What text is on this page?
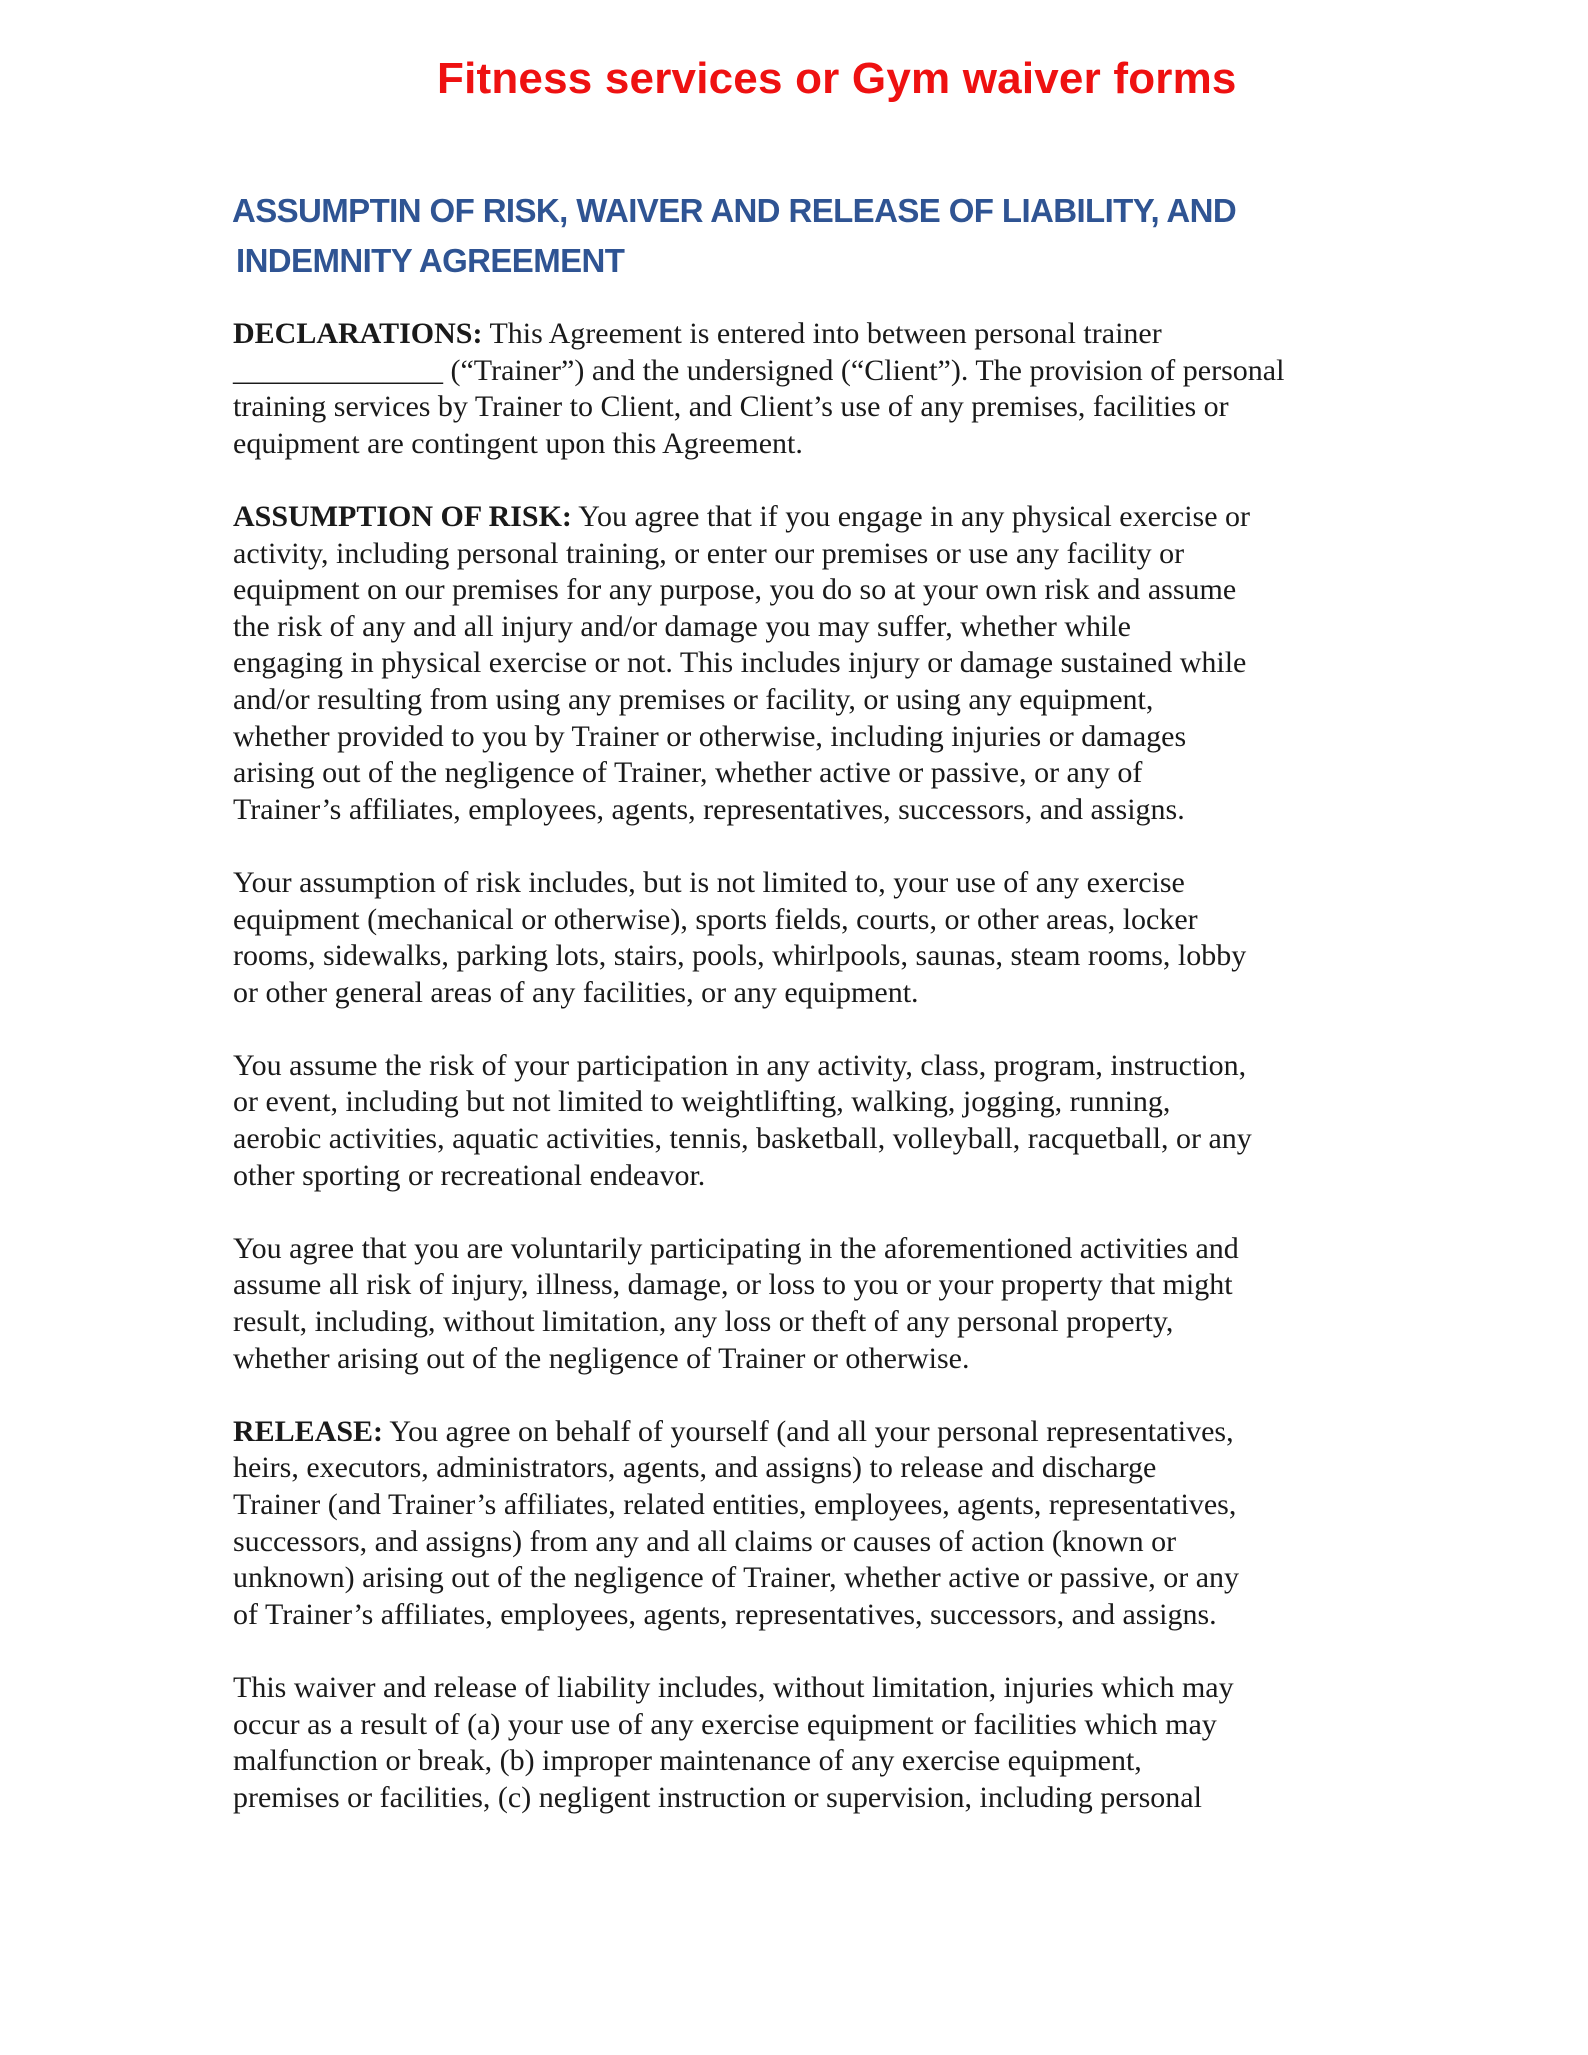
Fitness services or Gym waiver forms
ASSUMPTIN OF RISK, WAIVER AND RELEASE OF LIABILITY, AND
INDEMNITY AGREEMENT
DECLARATIONS: This Agreement is entered into between personal trainer
______________ (“Trainer”) and the undersigned (“Client”). The provision of personal
training services by Trainer to Client, and Client’s use of any premises, facilities or
equipment are contingent upon this Agreement.
ASSUMPTION OF RISK: You agree that if you engage in any physical exercise or
activity, including personal training, or enter our premises or use any facility or
equipment on our premises for any purpose, you do so at your own risk and assume
the risk of any and all injury and/or damage you may suffer, whether while
engaging in physical exercise or not. This includes injury or damage sustained while
and/or resulting from using any premises or facility, or using any equipment,
whether provided to you by Trainer or otherwise, including injuries or damages
arising out of the negligence of Trainer, whether active or passive, or any of
Trainer’s affiliates, employees, agents, representatives, successors, and assigns.
Your assumption of risk includes, but is not limited to, your use of any exercise
equipment (mechanical or otherwise), sports fields, courts, or other areas, locker
rooms, sidewalks, parking lots, stairs, pools, whirlpools, saunas, steam rooms, lobby
or other general areas of any facilities, or any equipment.
You assume the risk of your participation in any activity, class, program, instruction,
or event, including but not limited to weightlifting, walking, jogging, running,
aerobic activities, aquatic activities, tennis, basketball, volleyball, racquetball, or any
other sporting or recreational endeavor.
You agree that you are voluntarily participating in the aforementioned activities and
assume all risk of injury, illness, damage, or loss to you or your property that might
result, including, without limitation, any loss or theft of any personal property,
whether arising out of the negligence of Trainer or otherwise.
RELEASE: You agree on behalf of yourself (and all your personal representatives,
heirs, executors, administrators, agents, and assigns) to release and discharge
Trainer (and Trainer’s affiliates, related entities, employees, agents, representatives,
successors, and assigns) from any and all claims or causes of action (known or
unknown) arising out of the negligence of Trainer, whether active or passive, or any
of Trainer’s affiliates, employees, agents, representatives, successors, and assigns.
This waiver and release of liability includes, without limitation, injuries which may
occur as a result of (a) your use of any exercise equipment or facilities which may
malfunction or break, (b) improper maintenance of any exercise equipment,
premises or facilities, (c) negligent instruction or supervision, including personal
